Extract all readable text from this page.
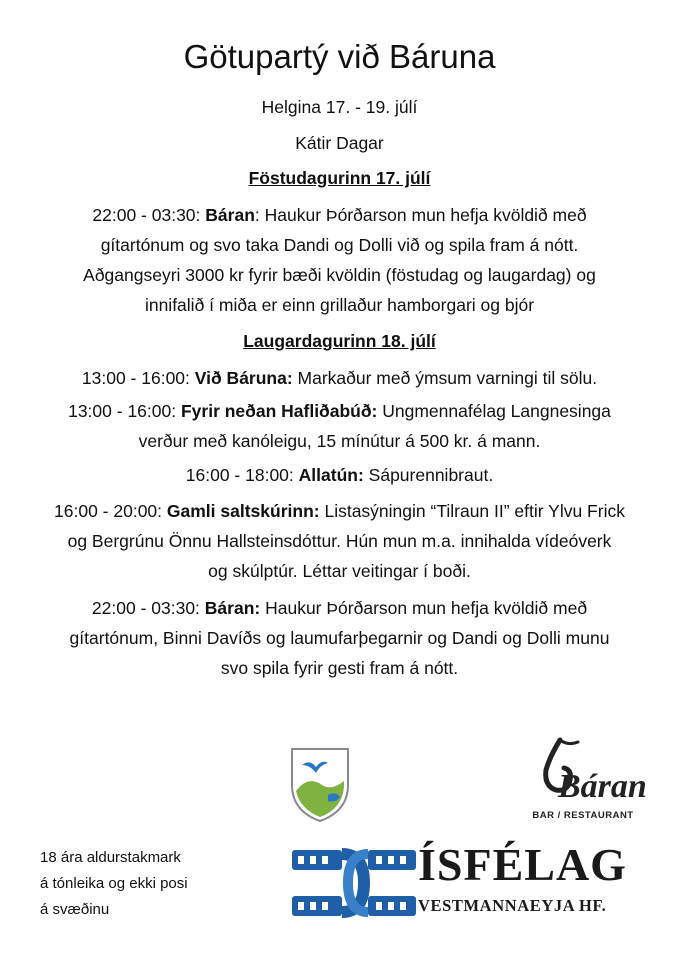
Götupartý við Báruna

Helgina 17. - 19. júlí

Kátir Dagar

Föstudagurinn 17. júlí

22:00 - 03:30: Báran: Haukur Þórðarson mun hefja kvöldið með
gítartónum og svo taka Dandi og Dolli við og spila fram á nótt.
Aðgangseyri 3000 kr fyrir bæði kvöldin (föstudag og laugardag) og
innifalið í miða er einn grillaður hamborgari og bjór

Laugardagurinn 18. júlí

13:00 - 16:00: Við Báruna: Markaður með ýmsum varningi til sölu.
13:00 - 16:00: Fyrir neðan Hafliðabúð: Ungmennafélag Langnesinga
verður með kanóleigu, 15 mínútur á 500 kr. á mann.
16:00 - 18:00: Allatún: Sápurennibraut.
16:00 - 20:00: Gamli saltskúrinn: Listasýningin “Tilraun II” eftir Ylvu Frick
og Bergrúnu Önnu Hallsteinsdóttur. Hún mun m.a. innihalda vídeóverk
og skúlptúr. Léttar veitingar í boði.
22:00 - 03:30: Báran: Haukur Þórðarson mun hefja kvöldið með
gítartónum, Binni Davíðs og laumufarþegarnir og Dandi og Dolli munu
svo spila fyrir gesti fram á nótt.
Báran
BAR / RESTAURANT
ÍSFÉLAG
VESTMANNAEYJA HF.
18 ára aldurstakmark
á tónleika og ekki posi
á svæðinu
